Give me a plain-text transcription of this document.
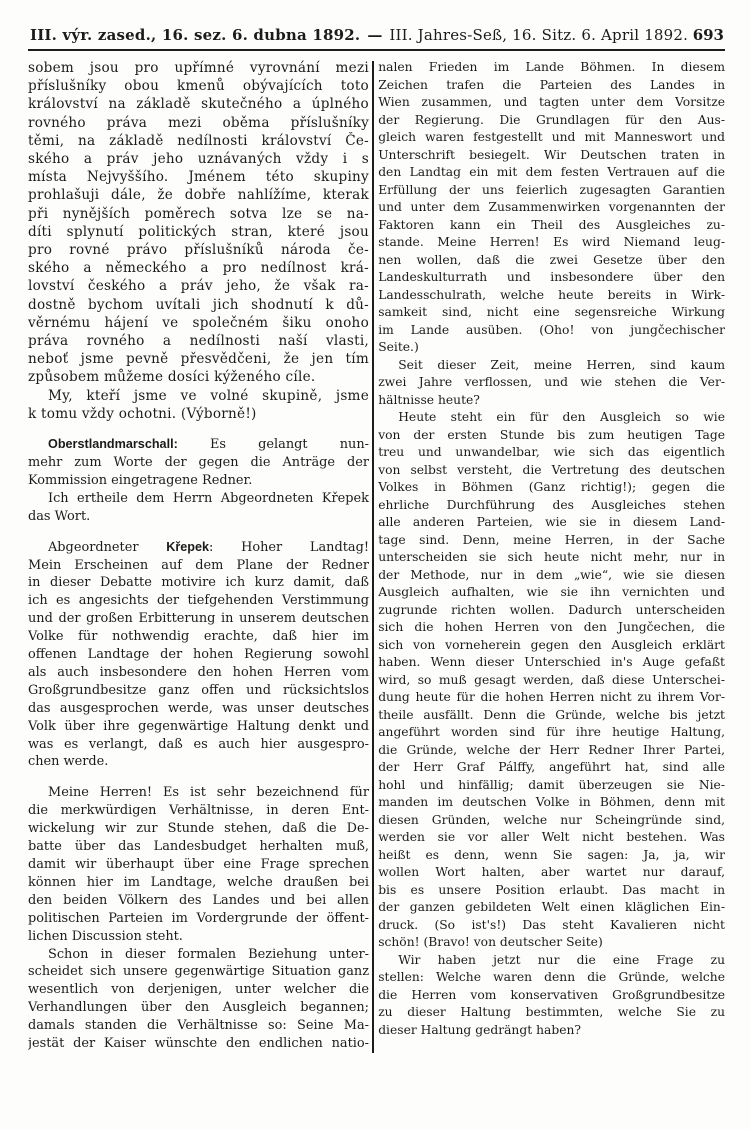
III. výr. zased., 16. sez. 6. dubna 1892. — III. Jahres-Seß, 16. Sitz. 6. April 1892. 693
sobem jsou pro upřímné vyrovnání mezi
příslušníky obou kmenů obývajících toto
království na základě skutečného a úplného
rovného práva mezi oběma příslušníky
těmi, na základě nedílnosti království Če-
ského a práv jeho uznávaných vždy i s
místa Nejvyššího. Jménem této skupiny
prohlašuji dále, že dobře nahlížíme, kterak
při nynějších poměrech sotva lze se na-
díti splynutí politických stran, které jsou
pro rovné právo příslušníků národa če-
ského a německého a pro nedílnost krá-
lovství českého a práv jeho, že však ra-
dostně bychom uvítali jich shodnutí k dů-
věrnému hájení ve společném šiku onoho
práva rovného a nedílnosti naší vlasti,
neboť jsme pevně přesvědčeni, že jen tím
způsobem můžeme dosíci kýženého cíle.
My, kteří jsme ve volné skupině, jsme
k tomu vždy ochotni. (Výborně!)
Oberstlandmarschall: Es gelangt nun-
mehr zum Worte der gegen die Anträge der
Kommission eingetragene Redner.
Ich ertheile dem Herrn Abgeordneten Křepek
das Wort.
Abgeordneter Křepek: Hoher Landtag!
Mein Erscheinen auf dem Plane der Redner
in dieser Debatte motivire ich kurz damit, daß
ich es angesichts der tiefgehenden Verstimmung
und der großen Erbitterung in unserem deutschen
Volke für nothwendig erachte, daß hier im
offenen Landtage der hohen Regierung sowohl
als auch insbesondere den hohen Herren vom
Großgrundbesitze ganz offen und rücksichtslos
das ausgesprochen werde, was unser deutsches
Volk über ihre gegenwärtige Haltung denkt und
was es verlangt, daß es auch hier ausgespro-
chen werde.
Meine Herren! Es ist sehr bezeichnend für
die merkwürdigen Verhältnisse, in deren Ent-
wickelung wir zur Stunde stehen, daß die De-
batte über das Landesbudget herhalten muß,
damit wir überhaupt über eine Frage sprechen
können hier im Landtage, welche draußen bei
den beiden Völkern des Landes und bei allen
politischen Parteien im Vordergrunde der öffent-
lichen Discussion steht.
Schon in dieser formalen Beziehung unter-
scheidet sich unsere gegenwärtige Situation ganz
wesentlich von derjenigen, unter welcher die
Verhandlungen über den Ausgleich begannen;
damals standen die Verhältnisse so: Seine Ma-
jestät der Kaiser wünschte den endlichen natio-
nalen Frieden im Lande Böhmen. In diesem
Zeichen trafen die Parteien des Landes in
Wien zusammen, und tagten unter dem Vorsitze
der Regierung. Die Grundlagen für den Aus-
gleich waren festgestellt und mit Manneswort und
Unterschrift besiegelt. Wir Deutschen traten in
den Landtag ein mit dem festen Vertrauen auf die
Erfüllung der uns feierlich zugesagten Garantien
und unter dem Zusammenwirken vorgenannten der
Faktoren kann ein Theil des Ausgleiches zu-
stande. Meine Herren! Es wird Niemand leug-
nen wollen, daß die zwei Gesetze über den
Landeskulturrath und insbesondere über den
Landesschulrath, welche heute bereits in Wirk-
samkeit sind, nicht eine segensreiche Wirkung
im Lande ausüben. (Oho! von jungčechischer
Seite.)
Seit dieser Zeit, meine Herren, sind kaum
zwei Jahre verflossen, und wie stehen die Ver-
hältnisse heute?
Heute steht ein für den Ausgleich so wie
von der ersten Stunde bis zum heutigen Tage
treu und unwandelbar, wie sich das eigentlich
von selbst versteht, die Vertretung des deutschen
Volkes in Böhmen (Ganz richtig!); gegen die
ehrliche Durchführung des Ausgleiches stehen
alle anderen Parteien, wie sie in diesem Land-
tage sind. Denn, meine Herren, in der Sache
unterscheiden sie sich heute nicht mehr, nur in
der Methode, nur in dem „wie“, wie sie diesen
Ausgleich aufhalten, wie sie ihn vernichten und
zugrunde richten wollen. Dadurch unterscheiden
sich die hohen Herren von den Jungčechen, die
sich von vorneherein gegen den Ausgleich erklärt
haben. Wenn dieser Unterschied in's Auge gefaßt
wird, so muß gesagt werden, daß diese Unterschei-
dung heute für die hohen Herren nicht zu ihrem Vor-
theile ausfällt. Denn die Gründe, welche bis jetzt
angeführt worden sind für ihre heutige Haltung,
die Gründe, welche der Herr Redner Ihrer Partei,
der Herr Graf Pálffy, angeführt hat, sind alle
hohl und hinfällig; damit überzeugen sie Nie-
manden im deutschen Volke in Böhmen, denn mit
diesen Gründen, welche nur Scheingründe sind,
werden sie vor aller Welt nicht bestehen. Was
heißt es denn, wenn Sie sagen: Ja, ja, wir
wollen Wort halten, aber wartet nur darauf,
bis es unsere Position erlaubt. Das macht in
der ganzen gebildeten Welt einen kläglichen Ein-
druck. (So ist's!) Das steht Kavalieren nicht
schön! (Bravo! von deutscher Seite)
Wir haben jetzt nur die eine Frage zu
stellen: Welche waren denn die Gründe, welche
die Herren vom konservativen Großgrundbesitze
zu dieser Haltung bestimmten, welche Sie zu
dieser Haltung gedrängt haben?
